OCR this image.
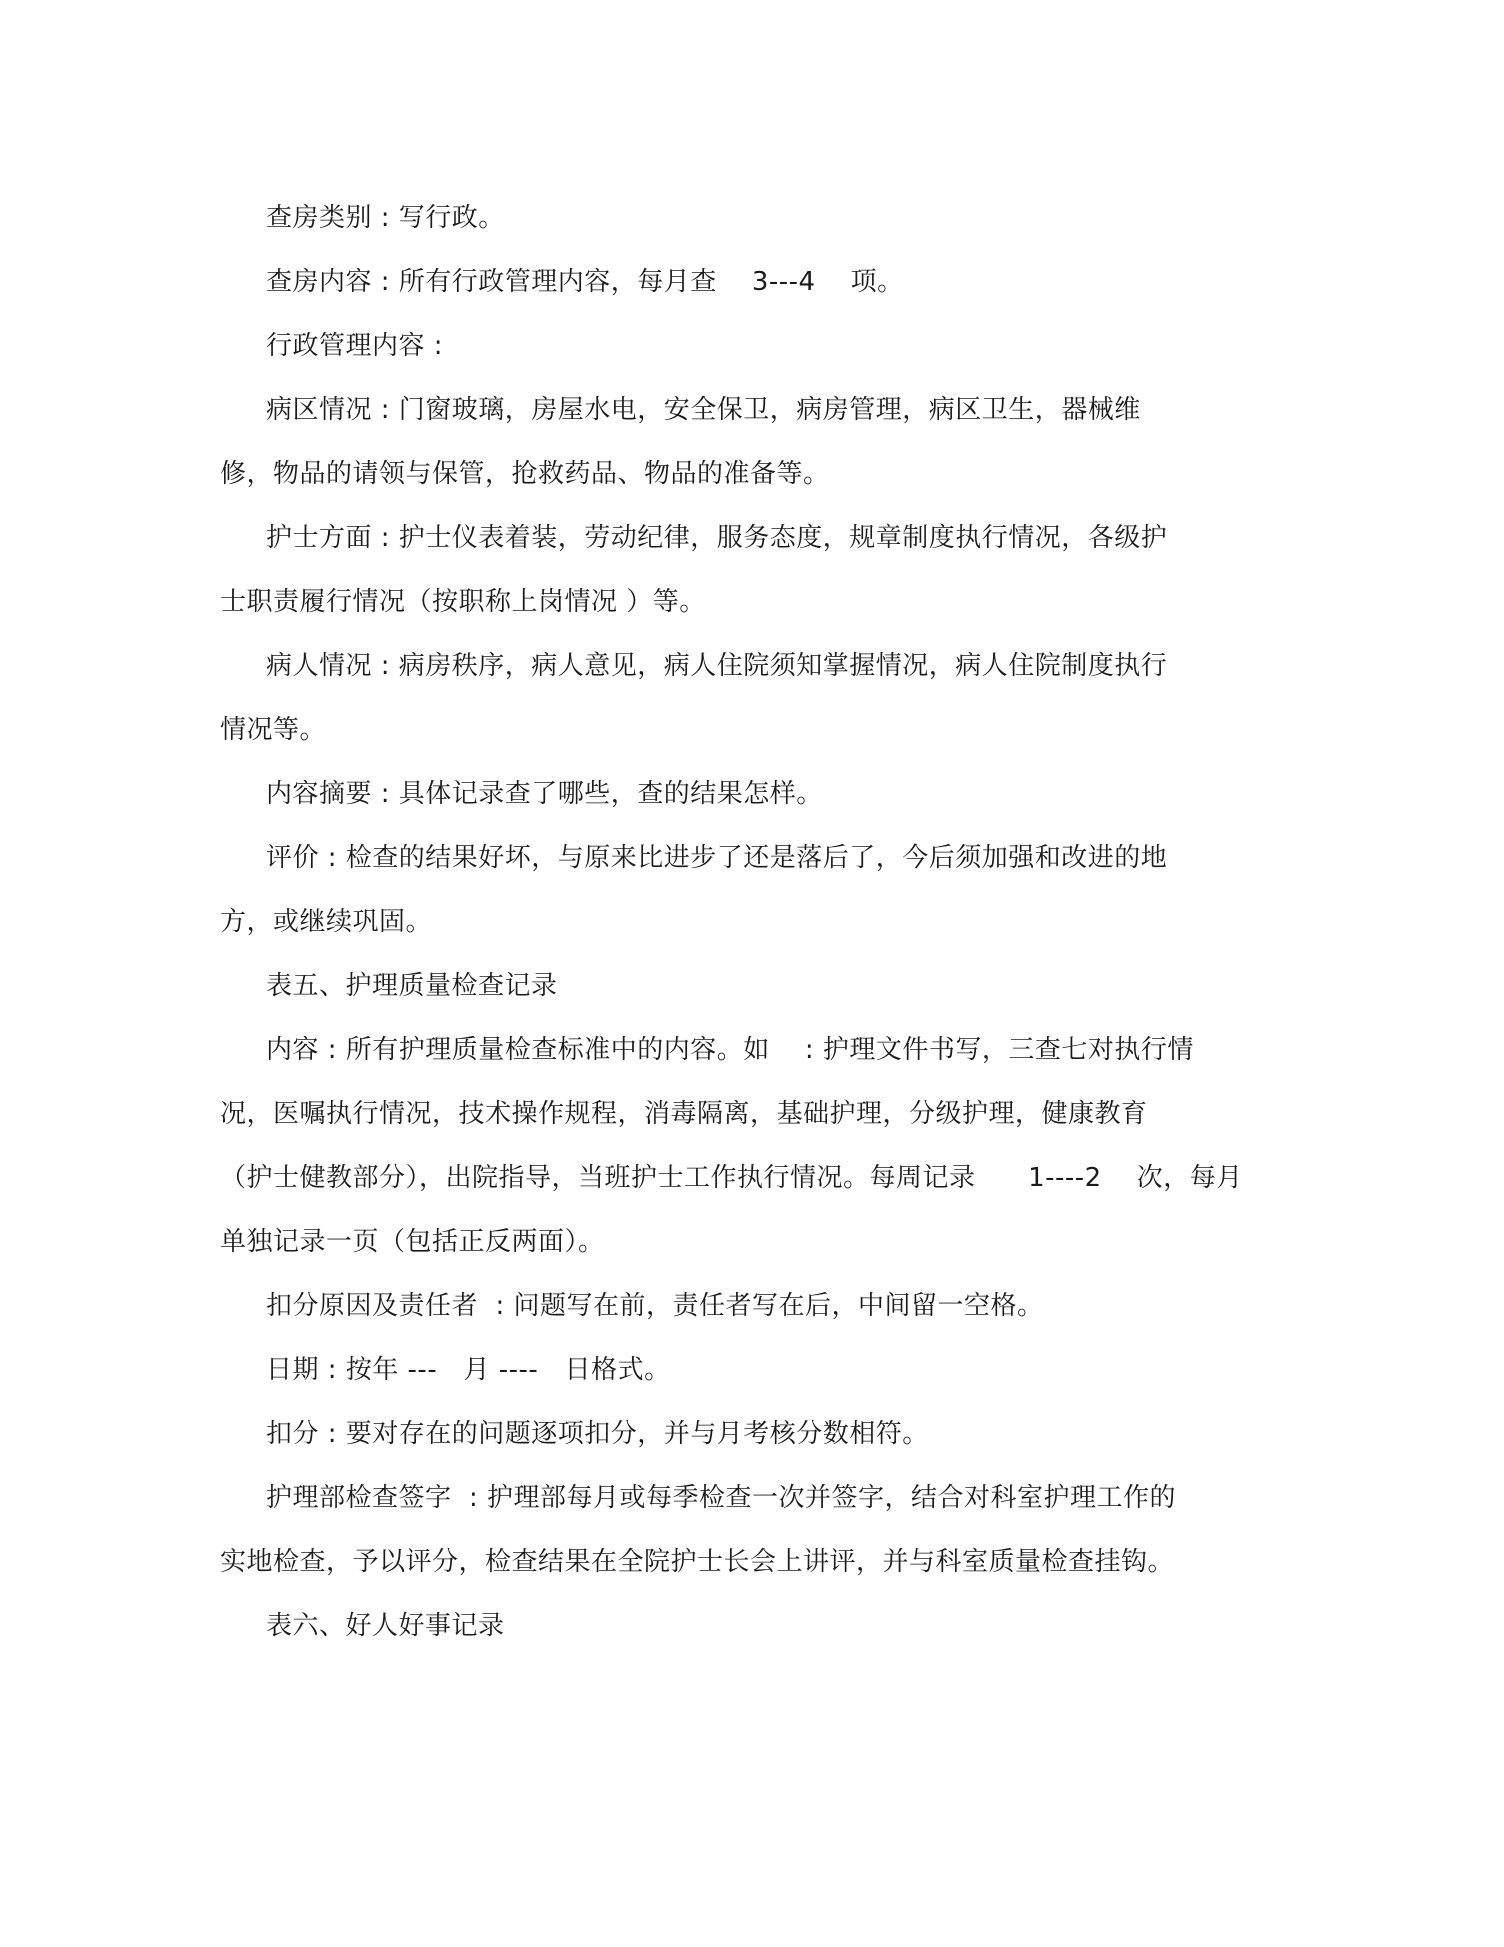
查房类别 : 写行政。
查房内容 : 所有行政管理内容，每月查    3---4    项。
行政管理内容 :
病区情况 : 门窗玻璃，房屋水电，安全保卫，病房管理，病区卫生，器械维
修，物品的请领与保管，抢救药品、物品的准备等。
护士方面 : 护士仪表着装，劳动纪律，服务态度，规章制度执行情况，各级护
士职责履行情况（按职称上岗情况 ）等。
病人情况 : 病房秩序，病人意见，病人住院须知掌握情况，病人住院制度执行
情况等。
内容摘要 : 具体记录查了哪些，查的结果怎样。
评价 : 检查的结果好坏，与原来比进步了还是落后了，今后须加强和改进的地
方，或继续巩固。
表五、护理质量检查记录
内容 : 所有护理质量检查标准中的内容。如    : 护理文件书写，三查七对执行情
况，医嘱执行情况，技术操作规程，消毒隔离，基础护理，分级护理，健康教育
（护士健教部分），出院指导，当班护士工作执行情况。每周记录      1----2    次，每月
单独记录一页（包括正反两面）。
扣分原因及责任者  : 问题写在前，责任者写在后，中间留一空格。
日期 : 按年 ---   月 ----   日格式。
扣分 : 要对存在的问题逐项扣分，并与月考核分数相符。
护理部检查签字  : 护理部每月或每季检查一次并签字，结合对科室护理工作的
实地检查，予以评分，检查结果在全院护士长会上讲评，并与科室质量检查挂钩。
表六、好人好事记录
